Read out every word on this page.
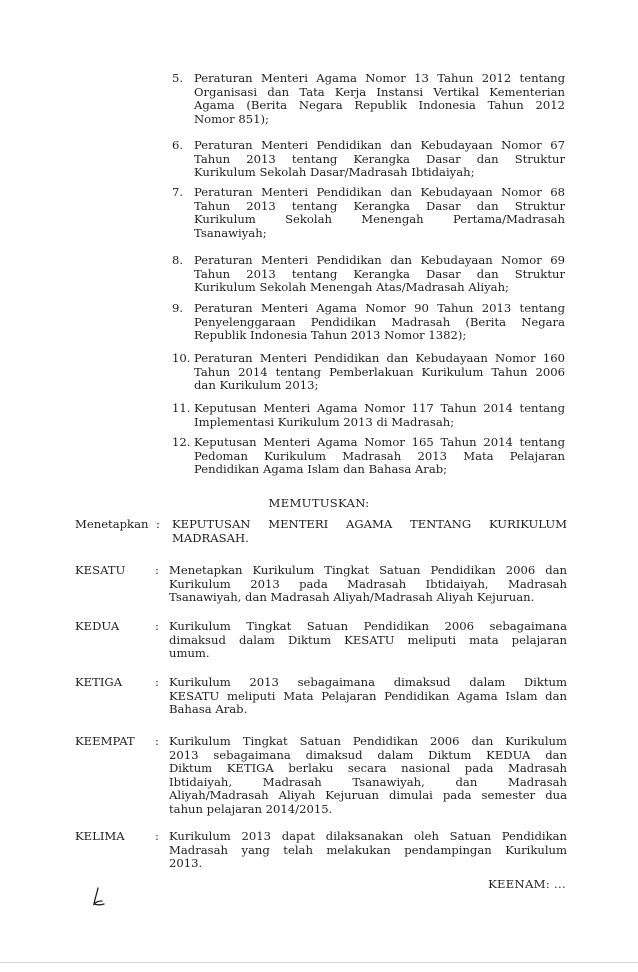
5. Peraturan Menteri Agama Nomor 13 Tahun 2012 tentang
Organisasi dan Tata Kerja Instansi Vertikal Kementerian
Agama (Berita Negara Republik Indonesia Tahun 2012
Nomor 851);
6. Peraturan Menteri Pendidikan dan Kebudayaan Nomor 67
Tahun 2013 tentang Kerangka Dasar dan Struktur
Kurikulum Sekolah Dasar/Madrasah Ibtidaiyah;
7. Peraturan Menteri Pendidikan dan Kebudayaan Nomor 68
Tahun 2013 tentang Kerangka Dasar dan Struktur
Kurikulum Sekolah Menengah Pertama/Madrasah
Tsanawiyah;
8. Peraturan Menteri Pendidikan dan Kebudayaan Nomor 69
Tahun 2013 tentang Kerangka Dasar dan Struktur
Kurikulum Sekolah Menengah Atas/Madrasah Aliyah;
9. Peraturan Menteri Agama Nomor 90 Tahun 2013 tentang
Penyelenggaraan Pendidikan Madrasah (Berita Negara
Republik Indonesia Tahun 2013 Nomor 1382);
10. Peraturan Menteri Pendidikan dan Kebudayaan Nomor 160
Tahun 2014 tentang Pemberlakuan Kurikulum Tahun 2006
dan Kurikulum 2013;
11. Keputusan Menteri Agama Nomor 117 Tahun 2014 tentang
Implementasi Kurikulum 2013 di Madrasah;
12. Keputusan Menteri Agama Nomor 165 Tahun 2014 tentang
Pedoman Kurikulum Madrasah 2013 Mata Pelajaran
Pendidikan Agama Islam dan Bahasa Arab;
MEMUTUSKAN:
Menetapkan : KEPUTUSAN MENTERI AGAMA TENTANG KURIKULUM
MADRASAH.
KESATU	: Menetapkan Kurikulum Tingkat Satuan Pendidikan 2006 dan
Kurikulum 2013 pada Madrasah Ibtidaiyah, Madrasah
Tsanawiyah, dan Madrasah Aliyah/Madrasah Aliyah Kejuruan.
KEDUA	: Kurikulum Tingkat Satuan Pendidikan 2006 sebagaimana
dimaksud dalam Diktum KESATU meliputi mata pelajaran
umum.
KETIGA	: Kurikulum 2013 sebagaimana dimaksud dalam Diktum
KESATU meliputi Mata Pelajaran Pendidikan Agama Islam dan
Bahasa Arab.
KEEMPAT : Kurikulum Tingkat Satuan Pendidikan 2006 dan Kurikulum
2013 sebagaimana dimaksud dalam Diktum KEDUA dan
Diktum KETIGA berlaku secara nasional pada Madrasah
Ibtidaiyah, Madrasah Tsanawiyah, dan Madrasah
Aliyah/Madrasah Aliyah Kejuruan dimulai pada semester dua
tahun pelajaran 2014/2015.
KELIMA	: Kurikulum 2013 dapat dilaksanakan oleh Satuan Pendidikan
Madrasah yang telah melakukan pendampingan Kurikulum
2013.
KEENAM: ...
